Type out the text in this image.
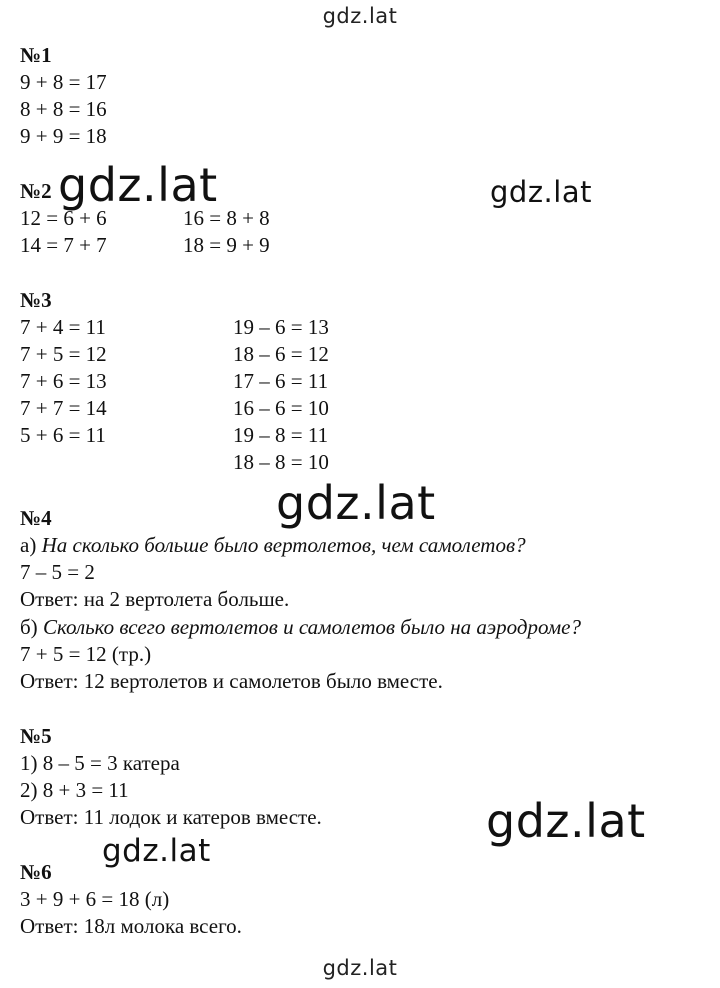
gdz.lat
№1
9 + 8 = 17
8 + 8 = 16
9 + 9 = 18
№2
12 = 6 + 6
14 = 7 + 7
16 = 8 + 8
18 = 9 + 9
№3
7 + 4 = 11
7 + 5 = 12
7 + 6 = 13
7 + 7 = 14
5 + 6 = 11
19 – 6 = 13
18 – 6 = 12
17 – 6 = 11
16 – 6 = 10
19 – 8 = 11
18 – 8 = 10
№4
а) На сколько больше было вертолетов, чем самолетов?
7 – 5 = 2
Ответ: на 2 вертолета больше.
б) Сколько всего вертолетов и самолетов было на аэродроме?
7 + 5 = 12 (тр.)
Ответ: 12 вертолетов и самолетов было вместе.
№5
1) 8 – 5 = 3 катера
2) 8 + 3 = 11
Ответ: 11 лодок и катеров вместе.
№6
3 + 9 + 6 = 18 (л)
Ответ: 18л молока всего.
gdz.lat	gdz.lat
gdz.lat
gdz.lat
gdz.lat
gdz.lat
